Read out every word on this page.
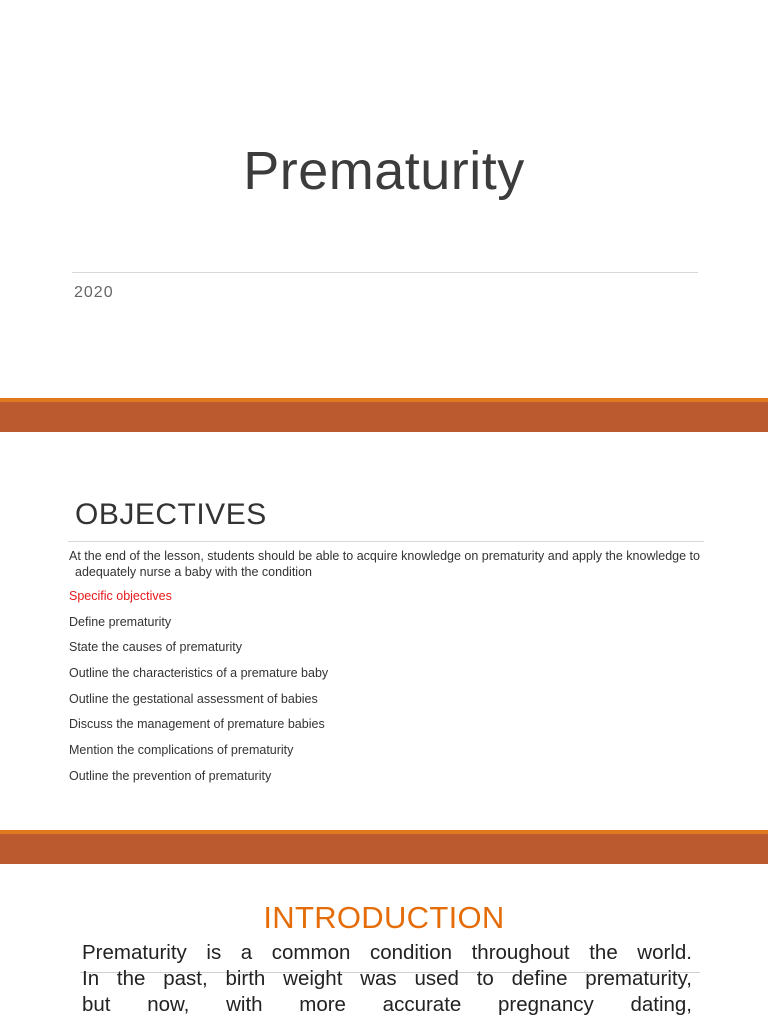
Prematurity
2020
OBJECTIVES
At the end of the lesson, students should be able to acquire knowledge on prematurity and apply the knowledge to adequately nurse a baby with the condition
Specific objectives
Define prematurity
State the causes of prematurity
Outline the characteristics of a premature baby
Outline the gestational assessment of babies
Discuss the management of premature babies
Mention the complications of prematurity
Outline the prevention of prematurity
INTRODUCTION
Prematurity is a common condition throughout the world.
In the past, birth weight was used to define prematurity,
but now, with more accurate pregnancy dating,
